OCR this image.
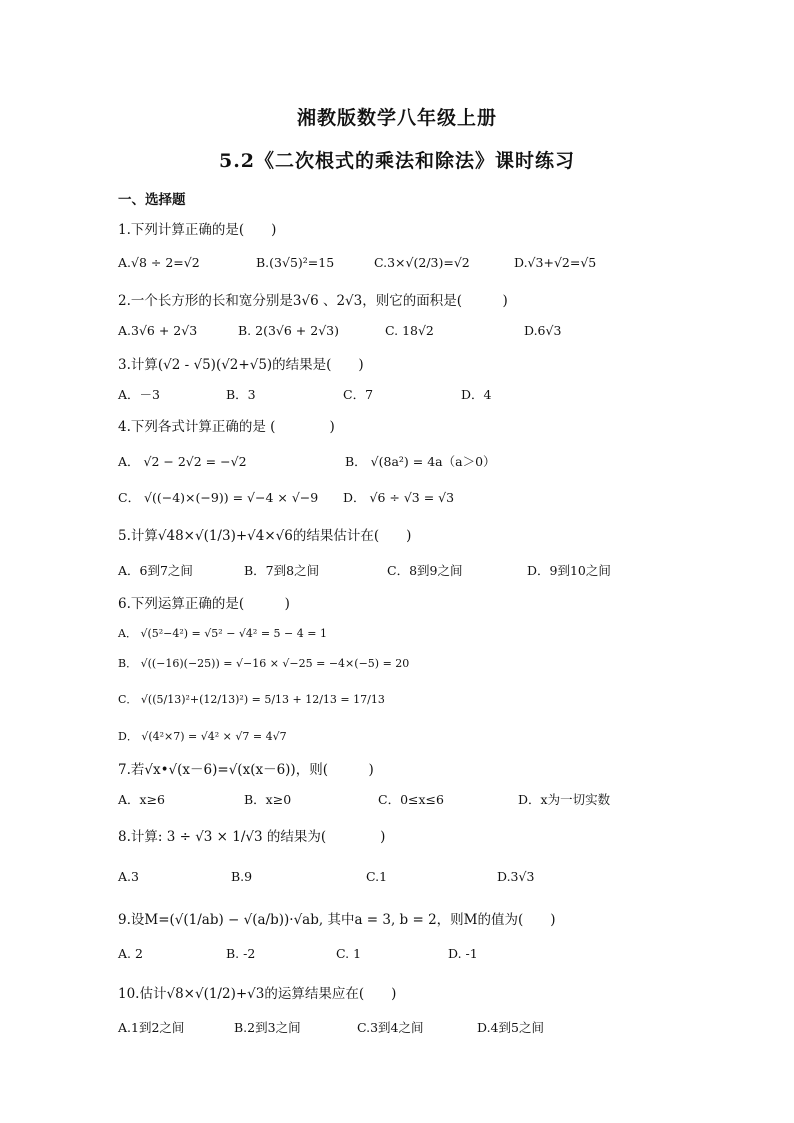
湘教版数学八年级上册
5.2《二次根式的乘法和除法》课时练习
一、选择题
1.下列计算正确的是(　　)
A.√8 ÷ 2=√2	B.(3√5)²=15	C.3×√(2/3)=√2	D.√3+√2=√5
2.一个长方形的长和宽分别是3√6 、2√3，则它的面积是(　　　)
A.3√6 + 2√3	B. 2(3√6 + 2√3)	C. 18√2	D.6√3
3.计算(√2 - √5)(√2+√5)的结果是(　　)
A．－3	B．3	C．7	D．4
4.下列各式计算正确的是 (　　　　)
A． √2 − 2√2 = −√2	B． √(8a²) = 4a（a＞0）
C． √((−4)×(−9)) = √−4 × √−9 D． √6 ÷ √3 = √3
5.计算√48×√(1/3)+√4×√6的结果估计在(　　)
A．6到7之间	B．7到8之间	C．8到9之间	D．9到10之间
6.下列运算正确的是(　　　)
A． √(5²−4²) = √5² − √4² = 5 − 4 = 1
B． √((−16)(−25)) = √−16 × √−25 = −4×(−5) = 20
C． √((5/13)²+(12/13)²) = 5/13 + 12/13 = 17/13
D． √(4²×7) = √4² × √7 = 4√7
7.若√x•√(x－6)=√(x(x－6))，则(　　　)
A．x≥6	B．x≥0	C．0≤x≤6	D．x为一切实数
8.计算: 3 ÷ √3 × 1/√3 的结果为(　　　　)
A.3	B.9	C.1	D.3√3
9.设M=(√(1/ab) − √(a/b))·√ab, 其中a = 3, b = 2，则M的值为(　　)
A. 2	B. -2	C. 1	D. -1
10.估计√8×√(1/2)+√3的运算结果应在(　　)
A.1到2之间	B.2到3之间	C.3到4之间	D.4到5之间
